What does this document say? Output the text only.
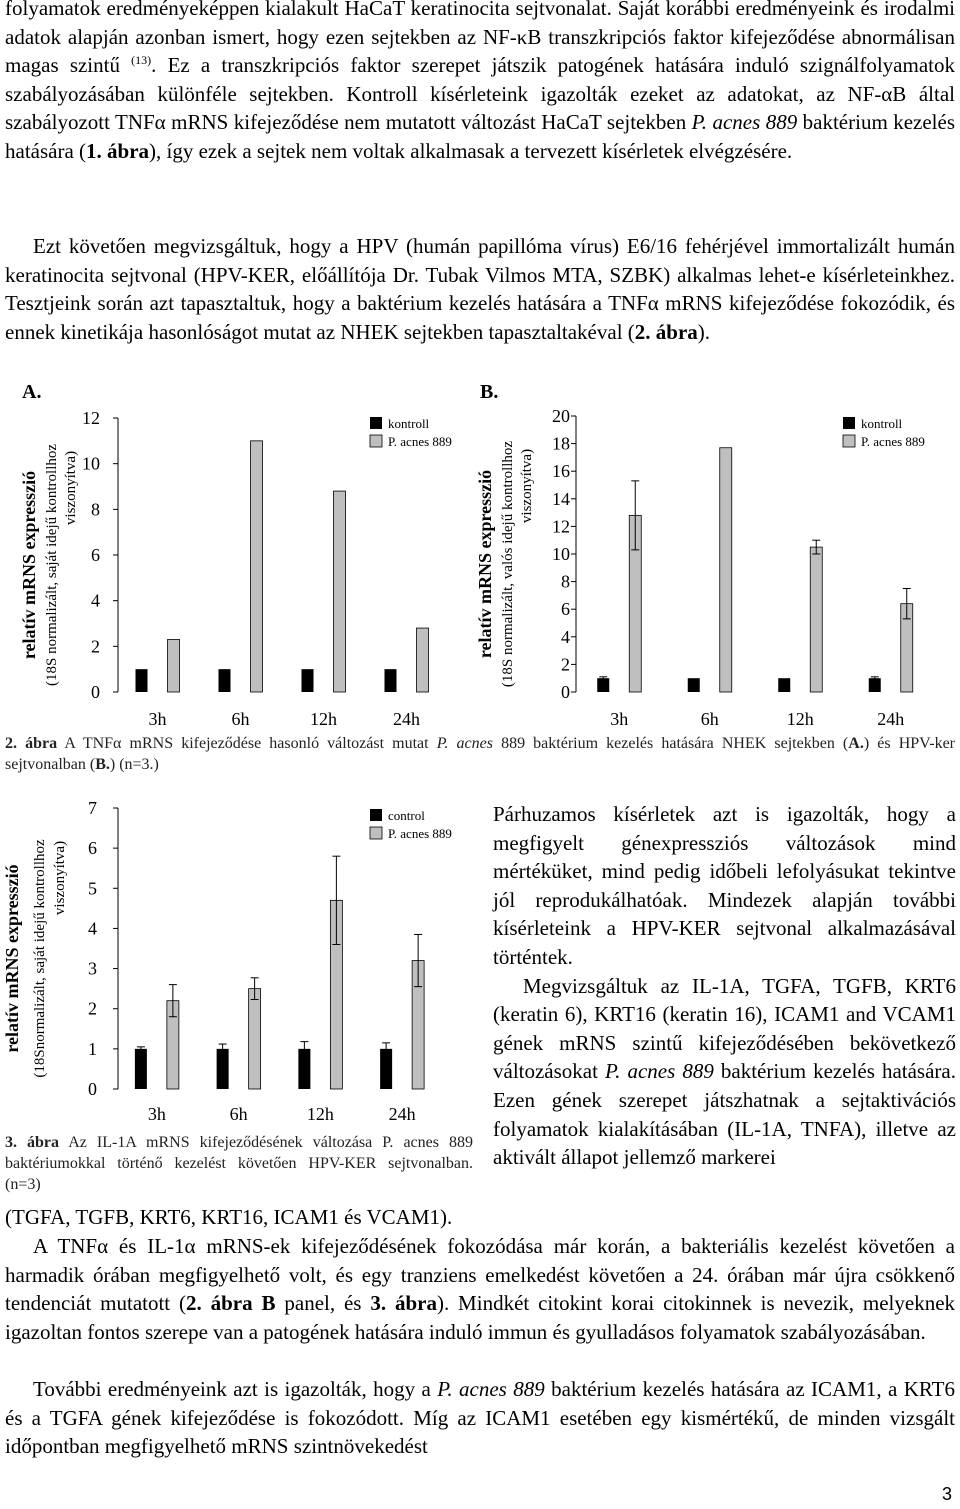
folyamatok eredményeképpen kialakult HaCaT keratinocita sejtvonalat. Saját korábbi eredményeink és irodalmi adatok alapján azonban ismert, hogy ezen sejtekben az NF-κB transzkripciós faktor kifejeződése abnormálisan magas szintű $^{(13)}$. Ez a transzkripciós faktor szerepet játszik patogének hatására induló szignálfolyamatok szabályozásában különféle sejtekben. Kontroll kísérleteink igazolták ezeket az adatokat, az NF-αB által szabályozott TNFα mRNS kifejeződése nem mutatott változást HaCaT sejtekben P. acnes 889 baktérium kezelés hatására (1. ábra), így ezek a sejtek nem voltak alkalmasak a tervezett kísérletek elvégzésére.

Ezt követően megvizsgáltuk, hogy a HPV (humán papillóma vírus) E6/16 fehérjével immortalizált humán keratinocita sejtvonal (HPV-KER, előállítója Dr. Tubak Vilmos MTA, SZBK) alkalmas lehet-e kísérleteinkhez. Tesztjeink során azt tapasztaltuk, hogy a baktérium kezelés hatására a TNFα mRNS kifejeződése fokozódik, és ennek kinetikája hasonlóságot mutat az NHEK sejtekben tapasztaltakéval (2. ábra).

A.	B.
0
2
4
6
8
10
12
relatív mRNS expresszió (18S normalizált, saját idejű kontrollhoz viszonyítva)
3h	6h	12h	24h
kontroll
P. acnes 889
0
2
4
6
8
10
12
14
16
18
20
relatív mRNS expresszió (18S normalizált, valós idejű kontrollhoz viszonyítva)
3h	6h	12h	24h
kontroll
P. acnes 889
2. ábra A TNFα mRNS kifejeződése hasonló változást mutat P. acnes 889 baktérium kezelés hatására NHEK sejtekben (A.) és HPV-ker sejtvonalban (B.) (n=3.)
0
1
2
3
4
5
6
7
relatív mRNS expresszió (18Snormalizált, saját idejű kontrollhoz viszonyítva)
3h	6h	12h	24h
control
P. acnes 889
3. ábra Az IL-1A mRNS kifejeződésének változása P. acnes 889 baktériumokkal történő kezelést követően HPV-KER sejtvonalban. (n=3)
Párhuzamos kísérletek azt is igazolták, hogy a megfigyelt génexpressziós változások mind mértéküket, mind pedig időbeli lefolyásukat tekintve jól reprodukálhatóak. Mindezek alapján további kísérleteink a HPV-KER sejtvonal alkalmazásával történtek.
Megvizsgáltuk az IL-1A, TGFA, TGFB, KRT6 (keratin 6), KRT16 (keratin 16), ICAM1 and VCAM1 gének mRNS szintű kifejeződésében bekövetkező változásokat P. acnes 889 baktérium kezelés hatására. Ezen gének szerepet játszhatnak a sejtaktivációs folyamatok kialakításában (IL-1A, TNFA), illetve az aktivált állapot jellemző markerei

(TGFA, TGFB, KRT6, KRT16, ICAM1 és VCAM1).

A TNFα és IL-1α mRNS-ek kifejeződésének fokozódása már korán, a bakteriális kezelést követően a harmadik órában megfigyelhető volt, és egy tranziens emelkedést követően a 24. órában már újra csökkenő tendenciát mutatott (2. ábra B panel, és 3. ábra). Mindkét citokint korai citokinnek is nevezik, melyeknek igazoltan fontos szerepe van a patogének hatására induló immun és gyulladásos folyamatok szabályozásában.

További eredményeink azt is igazolták, hogy a P. acnes 889 baktérium kezelés hatására az ICAM1, a KRT6 és a TGFA gének kifejeződése is fokozódott. Míg az ICAM1 esetében egy kismértékű, de minden vizsgált időpontban megfigyelhető mRNS szintnövekedést

3
